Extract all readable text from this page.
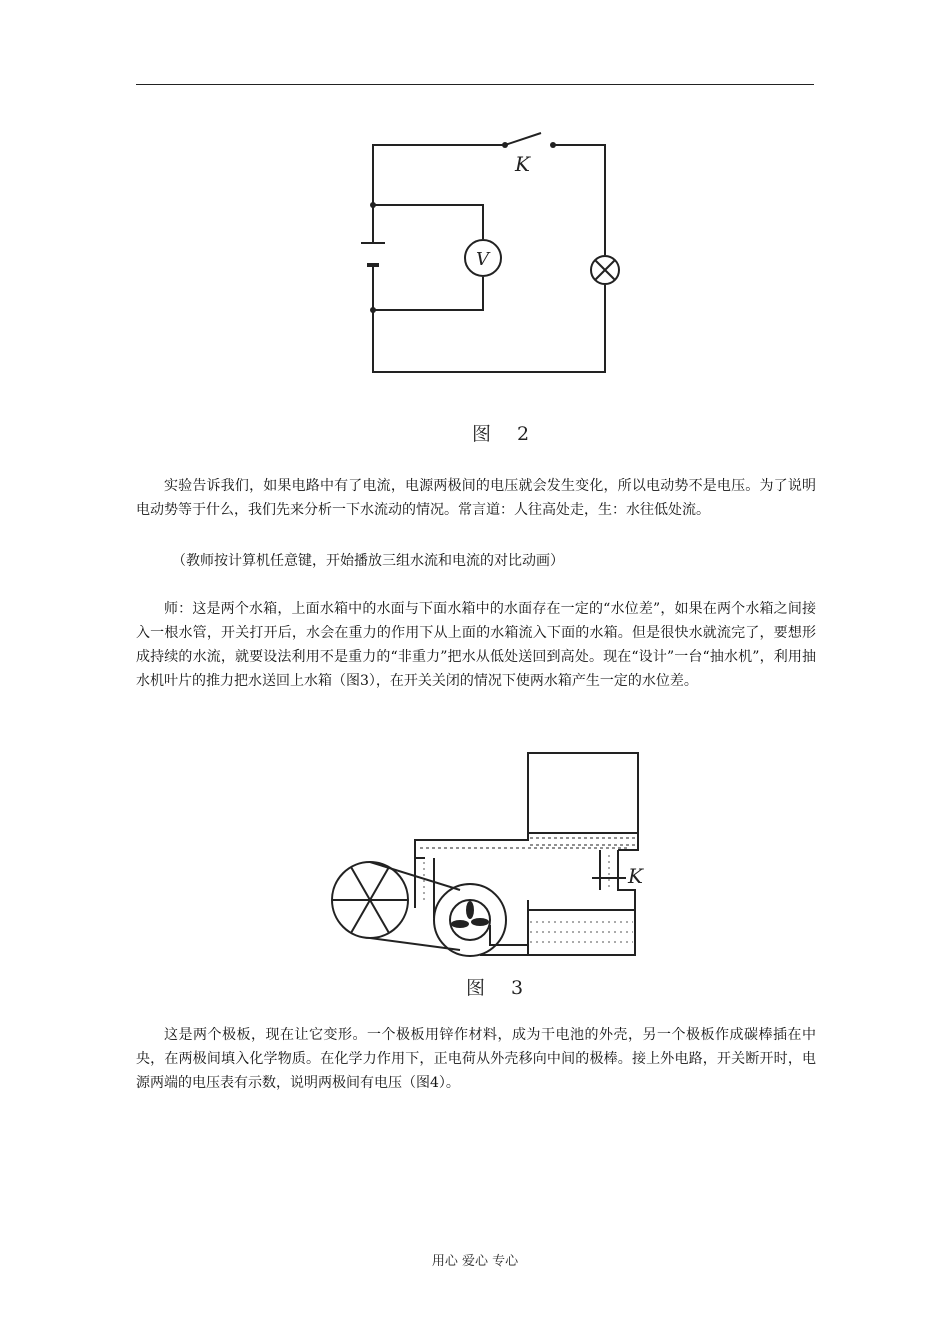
K
V
图 2

实验告诉我们，如果电路中有了电流，电源两极间的电压就会发生变化，所以电动势不是电压。为了说明电动势等于什么，我们先来分析一下水流动的情况。常言道：人往高处走，生：水往低处流。

（教师按计算机任意键，开始播放三组水流和电流的对比动画）

师：这是两个水箱，上面水箱中的水面与下面水箱中的水面存在一定的“水位差”，如果在两个水箱之间接入一根水管，开关打开后，水会在重力的作用下从上面的水箱流入下面的水箱。但是很快水就流完了，要想形成持续的水流，就要设法利用不是重力的“非重力”把水从低处送回到高处。现在“设计”一台“抽水机”，利用抽水机叶片的推力把水送回上水箱（图3），在开关关闭的情况下使两水箱产生一定的水位差。

K
图 3

这是两个极板，现在让它变形。一个极板用锌作材料，成为干电池的外壳，另一个极板作成碳棒插在中央，在两极间填入化学物质。在化学力作用下，正电荷从外壳移向中间的极棒。接上外电路，开关断开时，电源两端的电压表有示数，说明两极间有电压（图4）。

用心 爱心 专心
